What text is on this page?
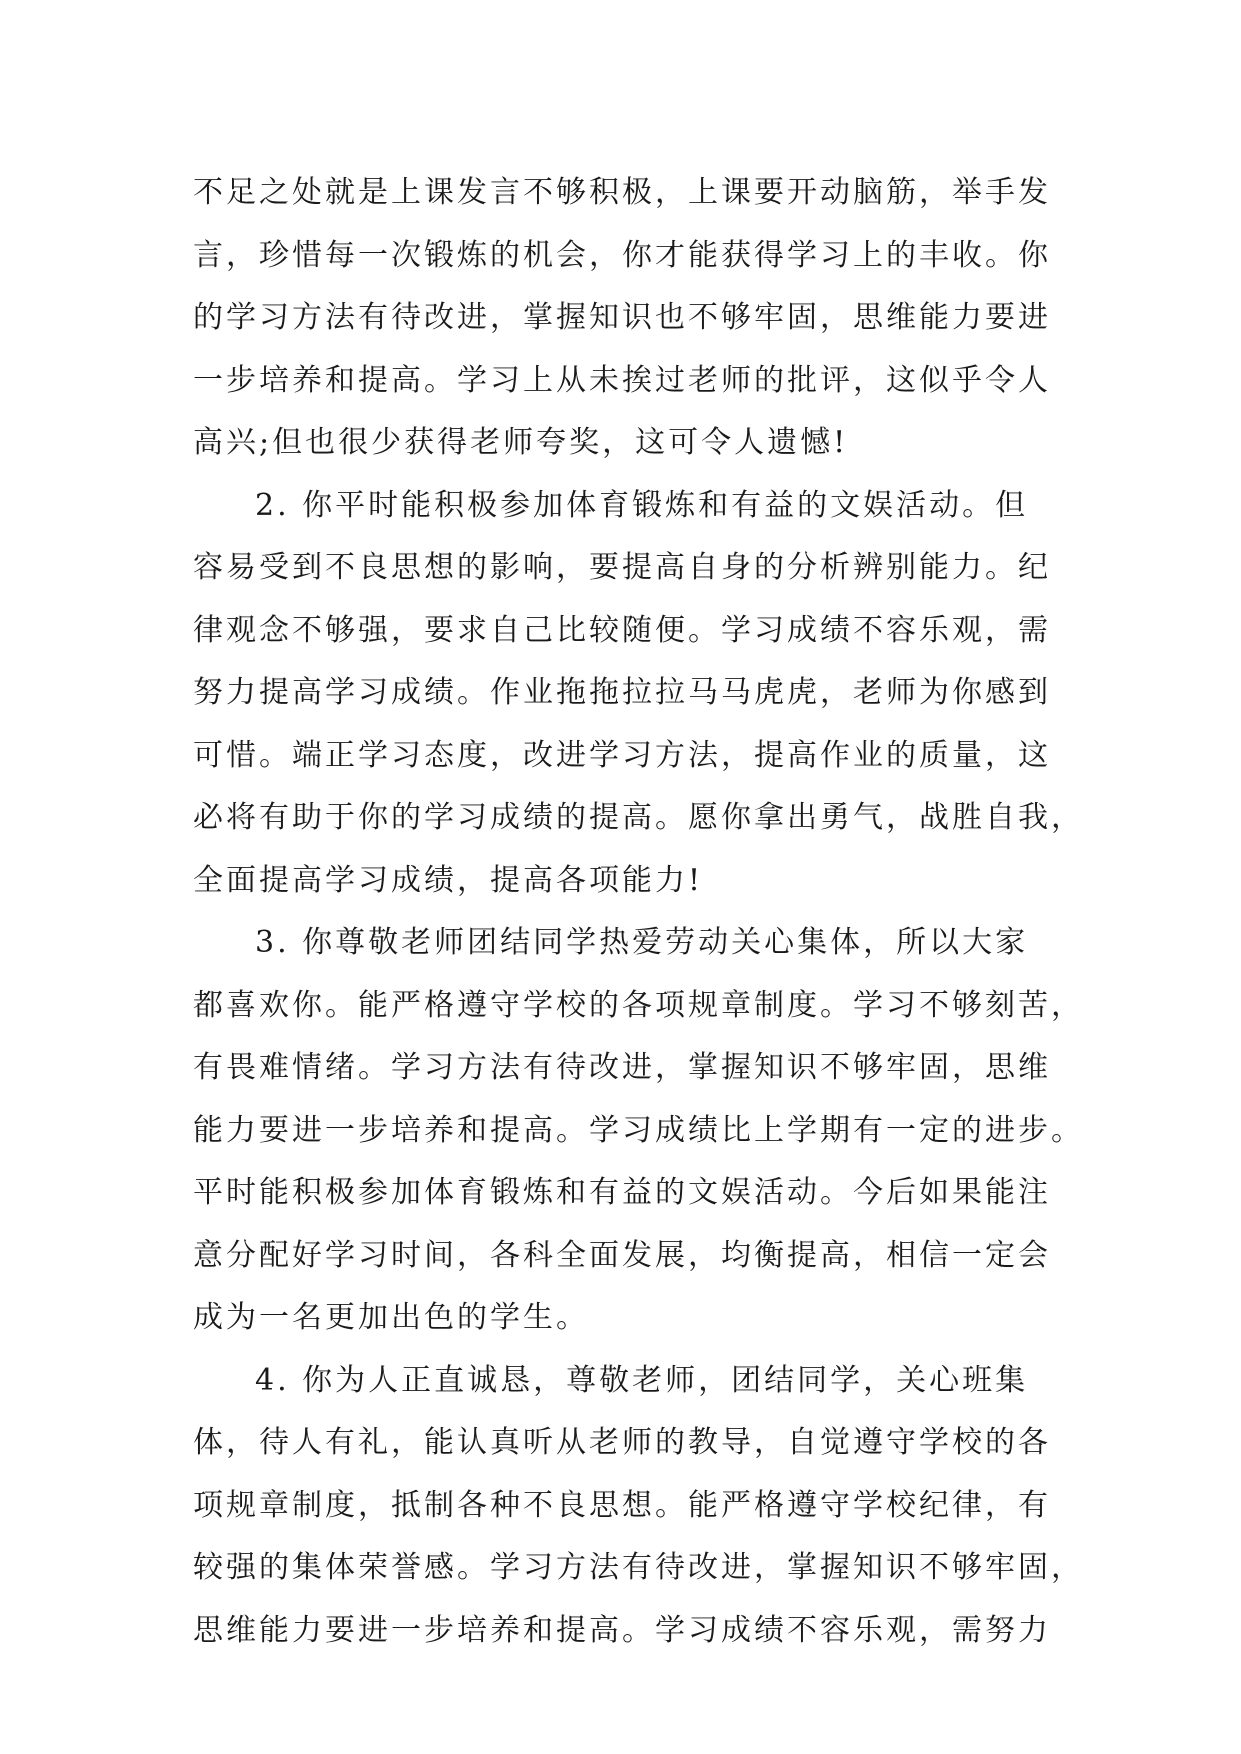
不足之处就是上课发言不够积极，上课要开动脑筋，举手发
言，珍惜每一次锻炼的机会，你才能获得学习上的丰收。你
的学习方法有待改进，掌握知识也不够牢固，思维能力要进
一步培养和提高。学习上从未挨过老师的批评，这似乎令人
高兴;但也很少获得老师夸奖，这可令人遗憾!
2. 你平时能积极参加体育锻炼和有益的文娱活动。但
容易受到不良思想的影响，要提高自身的分析辨别能力。纪
律观念不够强，要求自己比较随便。学习成绩不容乐观，需
努力提高学习成绩。作业拖拖拉拉马马虎虎，老师为你感到
可惜。端正学习态度，改进学习方法，提高作业的质量，这
必将有助于你的学习成绩的提高。愿你拿出勇气，战胜自我，
全面提高学习成绩，提高各项能力!
3. 你尊敬老师团结同学热爱劳动关心集体，所以大家
都喜欢你。能严格遵守学校的各项规章制度。学习不够刻苦，
有畏难情绪。学习方法有待改进，掌握知识不够牢固，思维
能力要进一步培养和提高。学习成绩比上学期有一定的进步。
平时能积极参加体育锻炼和有益的文娱活动。今后如果能注
意分配好学习时间，各科全面发展，均衡提高，相信一定会
成为一名更加出色的学生。
4. 你为人正直诚恳，尊敬老师，团结同学，关心班集
体，待人有礼，能认真听从老师的教导，自觉遵守学校的各
项规章制度，抵制各种不良思想。能严格遵守学校纪律，有
较强的集体荣誉感。学习方法有待改进，掌握知识不够牢固，
思维能力要进一步培养和提高。学习成绩不容乐观，需努力
